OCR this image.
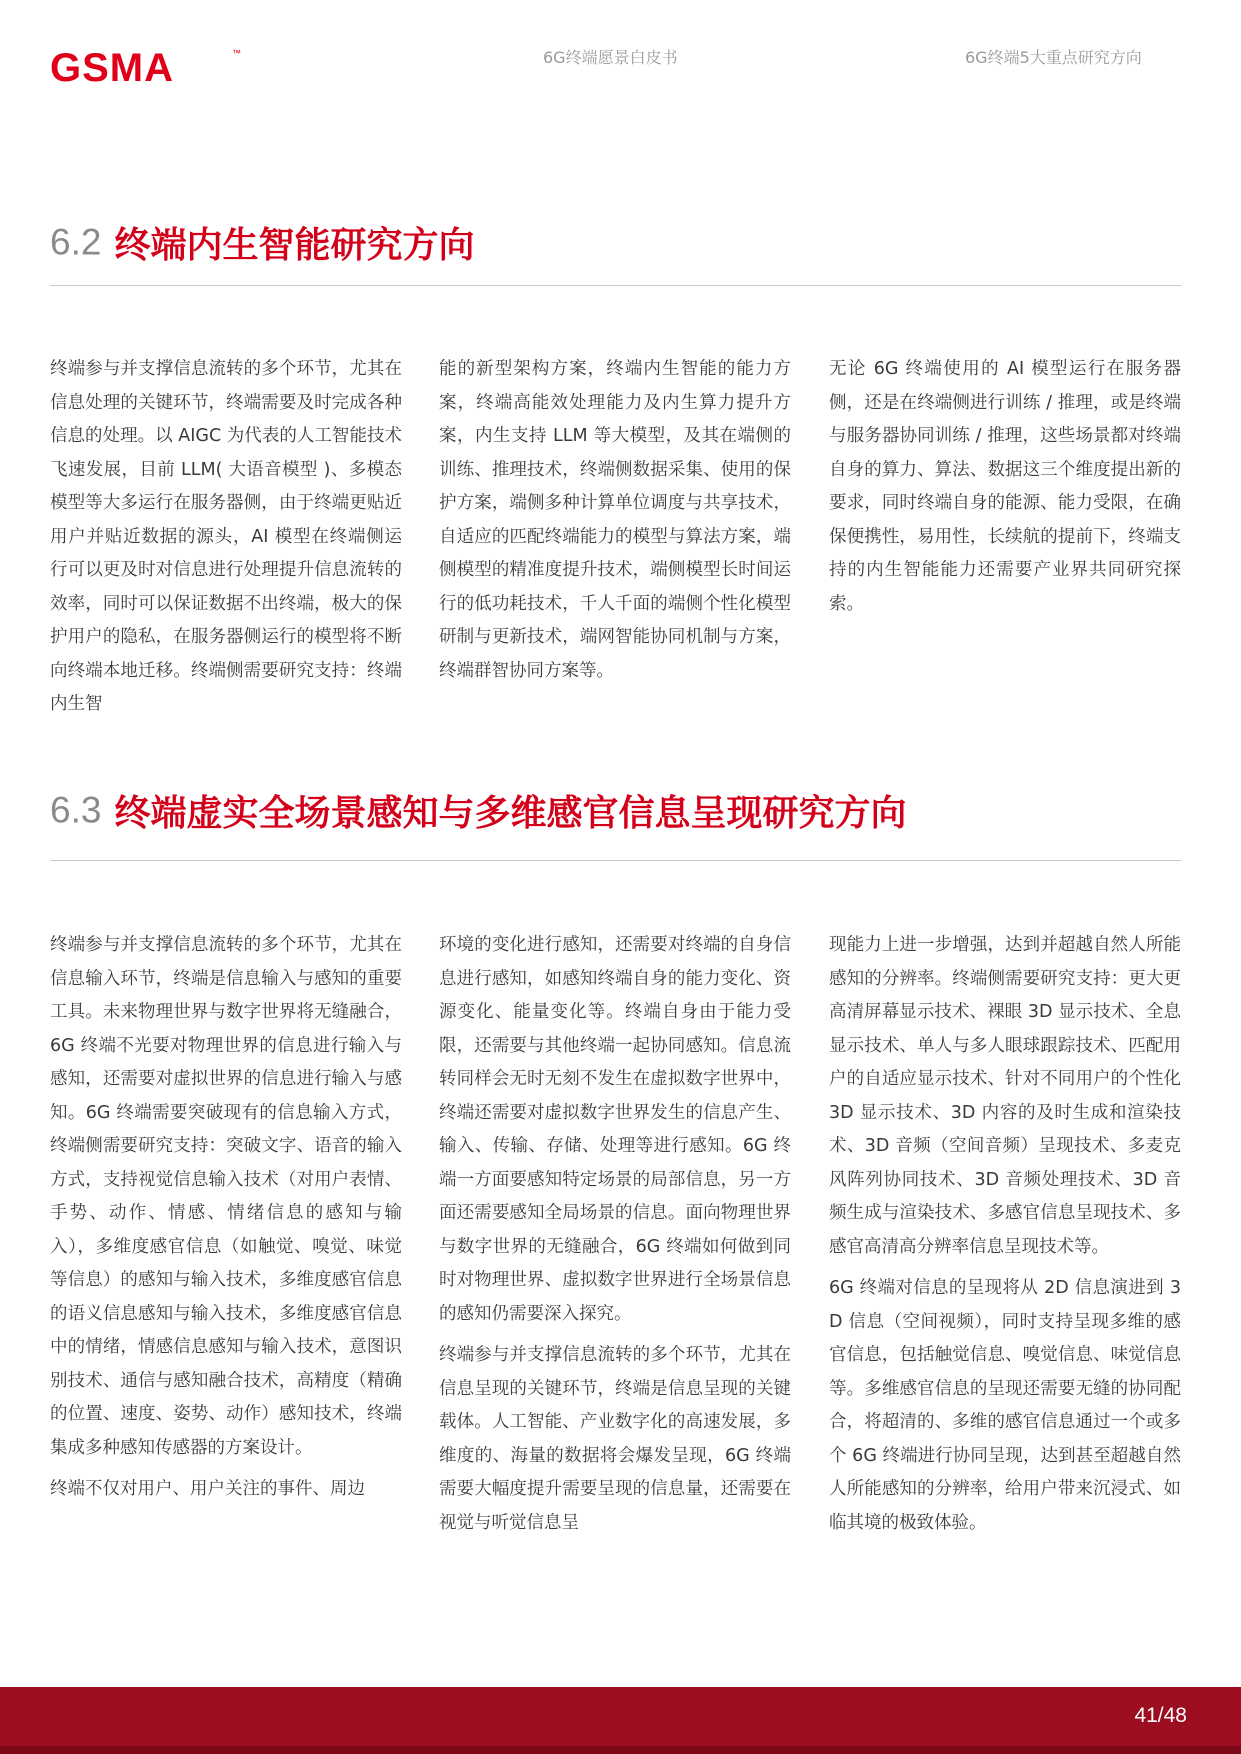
GSMA	™	6G终端愿景白皮书	6G终端5大重点研究方向
6.2 终端内生智能研究方向

终端参与并支撑信息流转的多个环节，尤其在信息处理的关键环节，终端需要及时完成各种信息的处理。以 AIGC 为代表的人工智能技术飞速发展，目前 LLM( 大语音模型 )、多模态模型等大多运行在服务器侧，由于终端更贴近用户并贴近数据的源头，AI 模型在终端侧运行可以更及时对信息进行处理提升信息流转的效率，同时可以保证数据不出终端，极大的保护用户的隐私，在服务器侧运行的模型将不断向终端本地迁移。终端侧需要研究支持：终端内生智

能的新型架构方案，终端内生智能的能力方案，终端高能效处理能力及内生算力提升方案，内生支持 LLM 等大模型，及其在端侧的训练、推理技术，终端侧数据采集、使用的保护方案，端侧多种计算单位调度与共享技术，自适应的匹配终端能力的模型与算法方案，端侧模型的精准度提升技术，端侧模型长时间运行的低功耗技术，千人千面的端侧个性化模型研制与更新技术，端网智能协同机制与方案，终端群智协同方案等。

无论 6G 终端使用的 AI 模型运行在服务器侧，还是在终端侧进行训练 / 推理，或是终端与服务器协同训练 / 推理，这些场景都对终端自身的算力、算法、数据这三个维度提出新的要求，同时终端自身的能源、能力受限，在确保便携性，易用性，长续航的提前下，终端支持的内生智能能力还需要产业界共同研究探索。

6.3 终端虚实全场景感知与多维感官信息呈现研究方向

终端参与并支撑信息流转的多个环节，尤其在信息输入环节，终端是信息输入与感知的重要工具。未来物理世界与数字世界将无缝融合，6G 终端不光要对物理世界的信息进行输入与感知，还需要对虚拟世界的信息进行输入与感知。6G 终端需要突破现有的信息输入方式，终端侧需要研究支持：突破文字、语音的输入方式，支持视觉信息输入技术（对用户表情、手势、动作、情感、情绪信息的感知与输入），多维度感官信息（如触觉、嗅觉、味觉等信息）的感知与输入技术，多维度感官信息的语义信息感知与输入技术，多维度感官信息中的情绪，情感信息感知与输入技术，意图识别技术、通信与感知融合技术，高精度（精确的位置、速度、姿势、动作）感知技术，终端集成多种感知传感器的方案设计。

终端不仅对用户、用户关注的事件、周边

环境的变化进行感知，还需要对终端的自身信息进行感知，如感知终端自身的能力变化、资源变化、能量变化等。终端自身由于能力受限，还需要与其他终端一起协同感知。信息流转同样会无时无刻不发生在虚拟数字世界中，终端还需要对虚拟数字世界发生的信息产生、输入、传输、存储、处理等进行感知。6G 终端一方面要感知特定场景的局部信息，另一方面还需要感知全局场景的信息。面向物理世界与数字世界的无缝融合，6G 终端如何做到同时对物理世界、虚拟数字世界进行全场景信息的感知仍需要深入探究。

终端参与并支撑信息流转的多个环节，尤其在信息呈现的关键环节，终端是信息呈现的关键载体。人工智能、产业数字化的高速发展，多维度的、海量的数据将会爆发呈现，6G 终端需要大幅度提升需要呈现的信息量，还需要在视觉与听觉信息呈

现能力上进一步增强，达到并超越自然人所能感知的分辨率。终端侧需要研究支持：更大更高清屏幕显示技术、裸眼 3D 显示技术、全息显示技术、单人与多人眼球跟踪技术、匹配用户的自适应显示技术、针对不同用户的个性化 3D 显示技术、3D 内容的及时生成和渲染技术、3D 音频（空间音频）呈现技术、多麦克风阵列协同技术、3D 音频处理技术、3D 音频生成与渲染技术、多感官信息呈现技术、多感官高清高分辨率信息呈现技术等。

6G 终端对信息的呈现将从 2D 信息演进到 3D 信息（空间视频），同时支持呈现多维的感官信息，包括触觉信息、嗅觉信息、味觉信息等。多维感官信息的呈现还需要无缝的协同配合，将超清的、多维的感官信息通过一个或多个 6G 终端进行协同呈现，达到甚至超越自然人所能感知的分辨率，给用户带来沉浸式、如临其境的极致体验。

41/48
